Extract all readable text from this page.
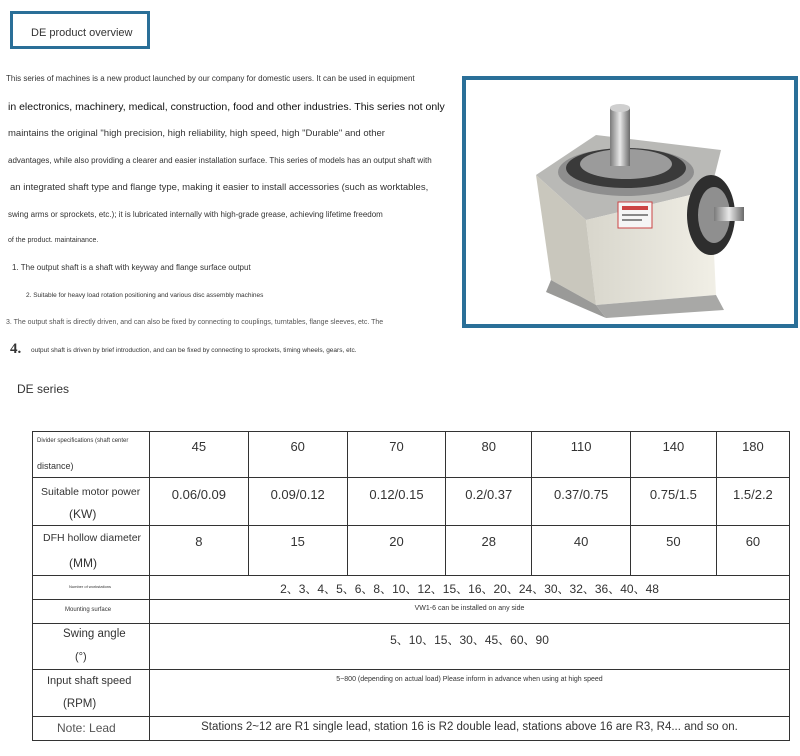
DE product overview
This series of machines is a new product launched by our company for domestic users. It can be used in equipment
in electronics, machinery, medical, construction, food and other industries. This series not only
maintains the original "high precision, high reliability, high speed, high "Durable" and other
advantages, while also providing a clearer and easier installation surface. This series of models has an output shaft with
an integrated shaft type and flange type, making it easier to install accessories (such as worktables,
swing arms or sprockets, etc.); it is lubricated internally with high-grade grease, achieving lifetime freedom
of the product. maintainance.
1. The output shaft is a shaft with keyway and flange surface output
2. Suitable for heavy load rotation positioning and various disc assembly machines
3. The output shaft is directly driven, and can also be fixed by connecting to couplings, turntables, flange sleeves, etc. The
4. output shaft is driven by brief introduction, and can be fixed by connecting to sprockets, timing wheels, gears, etc.
DE series
Divider specifications (shaft center
distance)	45	60	70	80	110	140	180

Suitable motor power
(KW)	0.06/0.09	0.09/0.12	0.12/0.15	0.2/0.37	0.37/0.75	0.75/1.5	1.5/2.2

DFH hollow diameter
(MM)	8	15	20	28	40	50	60

Number of workstations	2、3、4、5、6、8、10、12、15、16、20、24、30、32、36、40、48						

Mounting surface	VW1-6 can be installed on any side						

Swing angle
(°)	5、10、15、30、45、60、90						

Input shaft speed
(RPM)	5~800 (depending on actual load) Please inform in advance when using at high speed						

Note: Lead	Stations 2~12 are R1 single lead, station 16 is R2 double lead, stations above 16 are R3, R4... and so on.						
